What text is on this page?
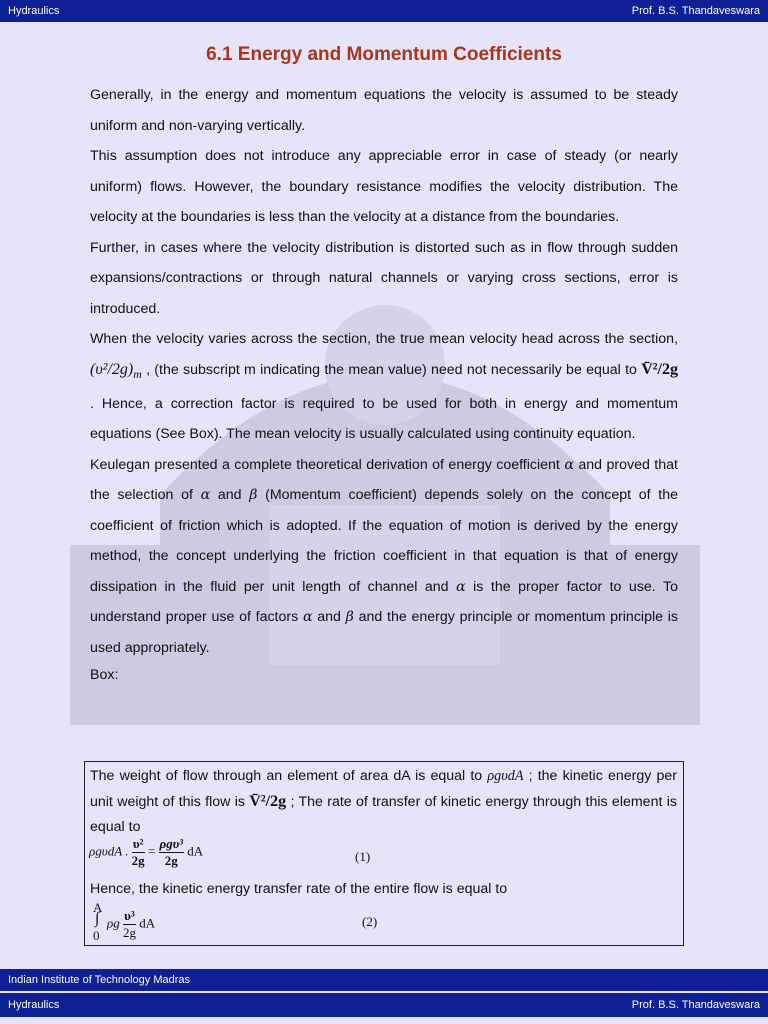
Hydraulics	Prof. B.S. Thandaveswara
6.1 Energy and Momentum Coefficients

Generally, in the energy and momentum equations the velocity is assumed to be steady uniform and non-varying vertically.

This assumption does not introduce any appreciable error in case of steady (or nearly uniform) flows. However, the boundary resistance modifies the velocity distribution. The velocity at the boundaries is less than the velocity at a distance from the boundaries.

Further, in cases where the velocity distribution is distorted such as in flow through sudden expansions/contractions or through natural channels or varying cross sections, error is introduced.

When the velocity varies across the section, the true mean velocity head across the section, $(\upsilon^2/2g)_m$ , (the subscript m indicating the mean value) need not necessarily be equal to V̄²/2g . Hence, a correction factor is required to be used for both in energy and momentum equations (See Box). The mean velocity is usually calculated using continuity equation.

Keulegan presented a complete theoretical derivation of energy coefficient α and proved that the selection of α and β (Momentum coefficient) depends solely on the concept of the coefficient of friction which is adopted. If the equation of motion is derived by the energy method, the concept underlying the friction coefficient in that equation is that of energy dissipation in the fluid per unit length of channel and α is the proper factor to use. To understand proper use of factors α and β and the energy principle or momentum principle is used appropriately.

Box:

The weight of flow through an element of area dA is equal to ρgυdA ; the kinetic energy per unit weight of this flow is V̄²/2g ; The rate of transfer of kinetic energy through this element is equal to
ρgυdA . $\frac{\text{υ²}}{2g} = \frac{\text{ρgυ³}}{2g}$ dA	(1)
Hence, the kinetic energy transfer rate of the entire flow is equal to
A
∫
0
ρg $\frac{\text{υ³}}{2g}$ dA	(2)
Indian Institute of Technology Madras
Hydraulics	Prof. B.S. Thandaveswara
